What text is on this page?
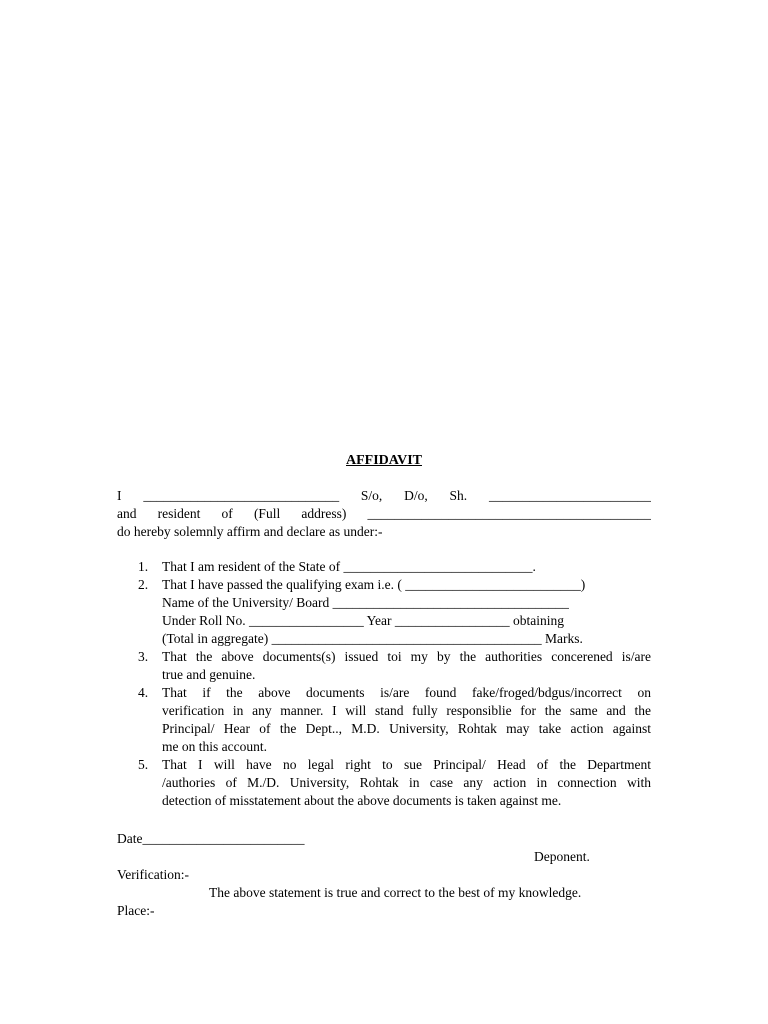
AFFIDAVIT
I _____________________________ S/o, D/o, Sh. ________________________
and resident of (Full address) __________________________________________
do hereby solemnly affirm and declare as under:-
1. That I am resident of the State of ____________________________.
2. That I have passed the qualifying exam i.e. ( __________________________)
Name of the University/ Board ___________________________________
Under Roll No. _________________ Year _________________ obtaining
(Total in aggregate) ________________________________________ Marks.
3. That the above documents(s) issued toi my by the authorities concerened is/are
true and genuine.
4. That if the above documents is/are found fake/froged/bdgus/incorrect on
verification in any manner. I will stand fully responsiblie for the same and the
Principal/ Hear of the Dept.., M.D. University, Rohtak may take action against
me on this account.
5. That I will have no legal right to sue Principal/ Head of the Department
/authories of M./D. University, Rohtak in case any action in connection with
detection of misstatement about the above documents is taken against me.
Date________________________
Deponent.
Verification:-
The above statement is true and correct to the best of my knowledge.
Place:-
